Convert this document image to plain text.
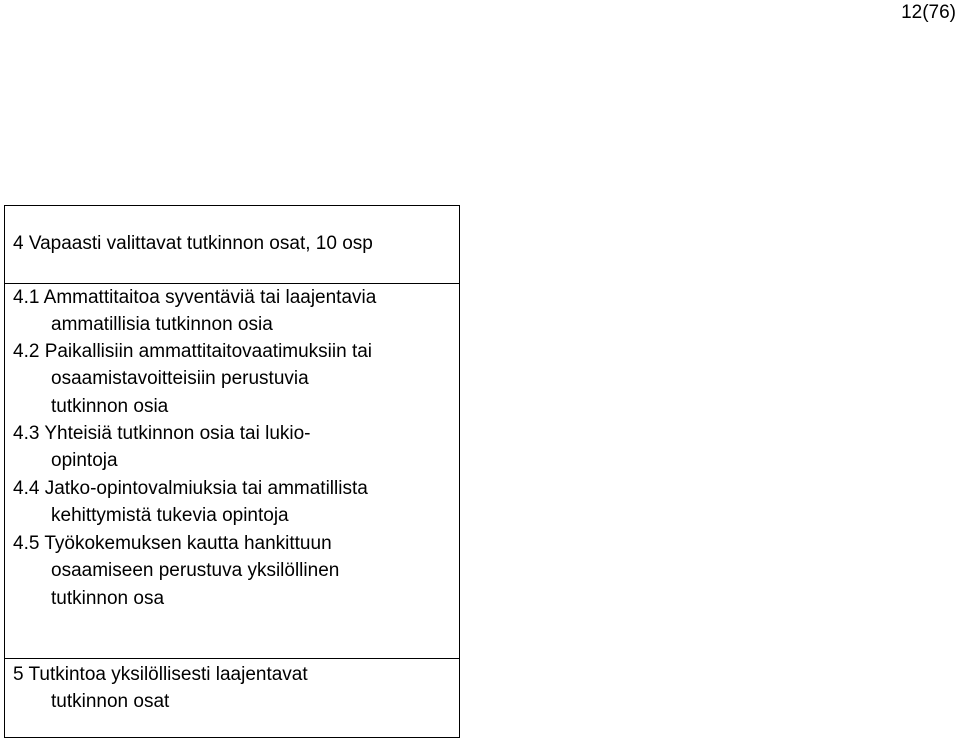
12(76)
4 Vapaasti valittavat tutkinnon osat, 10 osp
4.1 Ammattitaitoa syventäviä tai laajentavia
ammatillisia tutkinnon osia
4.2 Paikallisiin ammattitaitovaatimuksiin tai
osaamistavoitteisiin perustuvia
tutkinnon osia
4.3 Yhteisiä tutkinnon osia tai lukio-
opintoja
4.4 Jatko-opintovalmiuksia tai ammatillista
kehittymistä tukevia opintoja
4.5 Työkokemuksen kautta hankittuun
osaamiseen perustuva yksilöllinen
tutkinnon osa
5 Tutkintoa yksilöllisesti laajentavat
tutkinnon osat
